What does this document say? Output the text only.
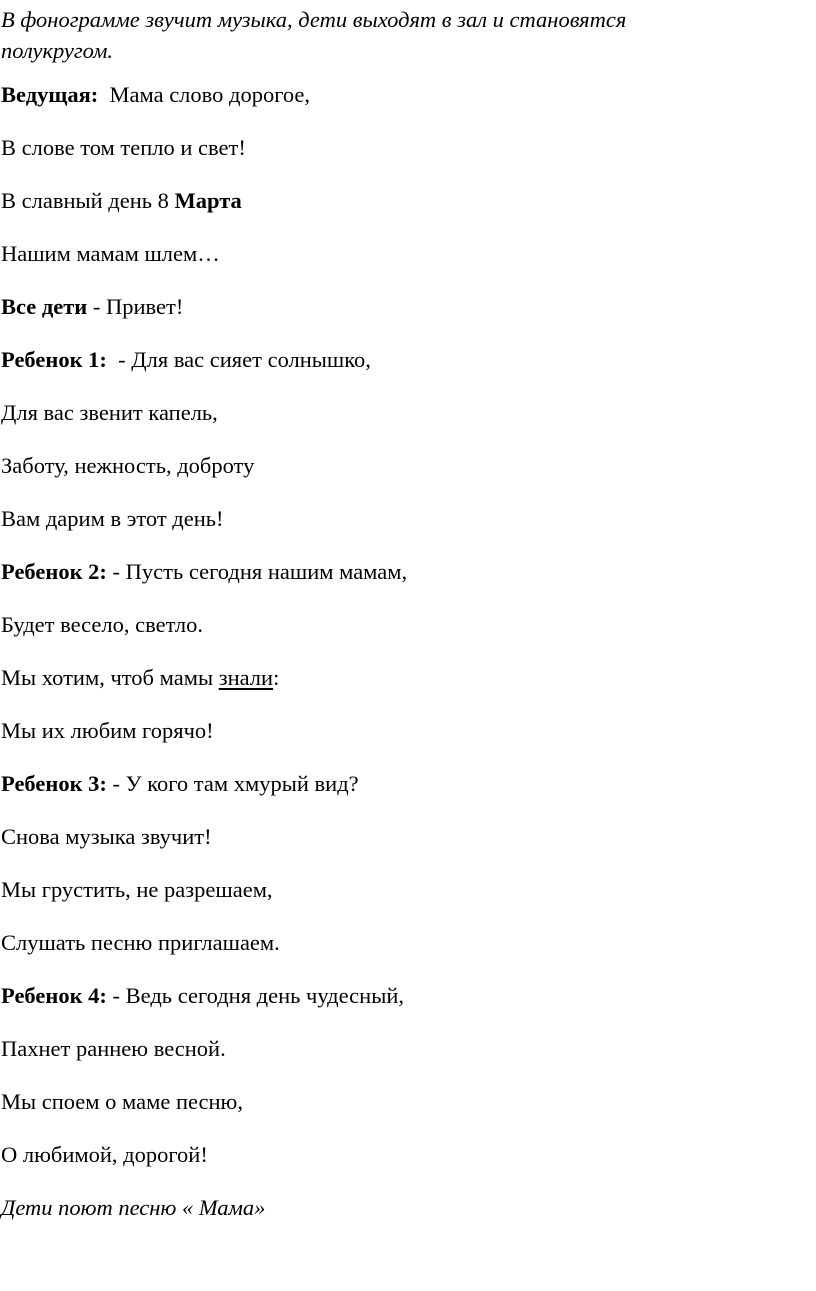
В фонограмме звучит музыка, дети выходят в зал и становятся полукругом.
Ведущая:  Мама слово дорогое,
В слове том тепло и свет!
В славный день 8 Марта
Нашим мамам шлем…
Все дети - Привет!
Ребенок 1:  - Для вас сияет солнышко,
Для вас звенит капель,
Заботу, нежность, доброту
Вам дарим в этот день!
Ребенок 2: - Пусть сегодня нашим мамам,
Будет весело, светло.
Мы хотим, чтоб мамы знали:
Мы их любим горячо!
Ребенок 3: - У кого там хмурый вид?
Снова музыка звучит!
Мы грустить, не разрешаем,
Слушать песню приглашаем.
Ребенок 4: - Ведь сегодня день чудесный,
Пахнет раннею весной.
Мы споем о маме песню,
О любимой, дорогой!
Дети поют песню « Мама»
